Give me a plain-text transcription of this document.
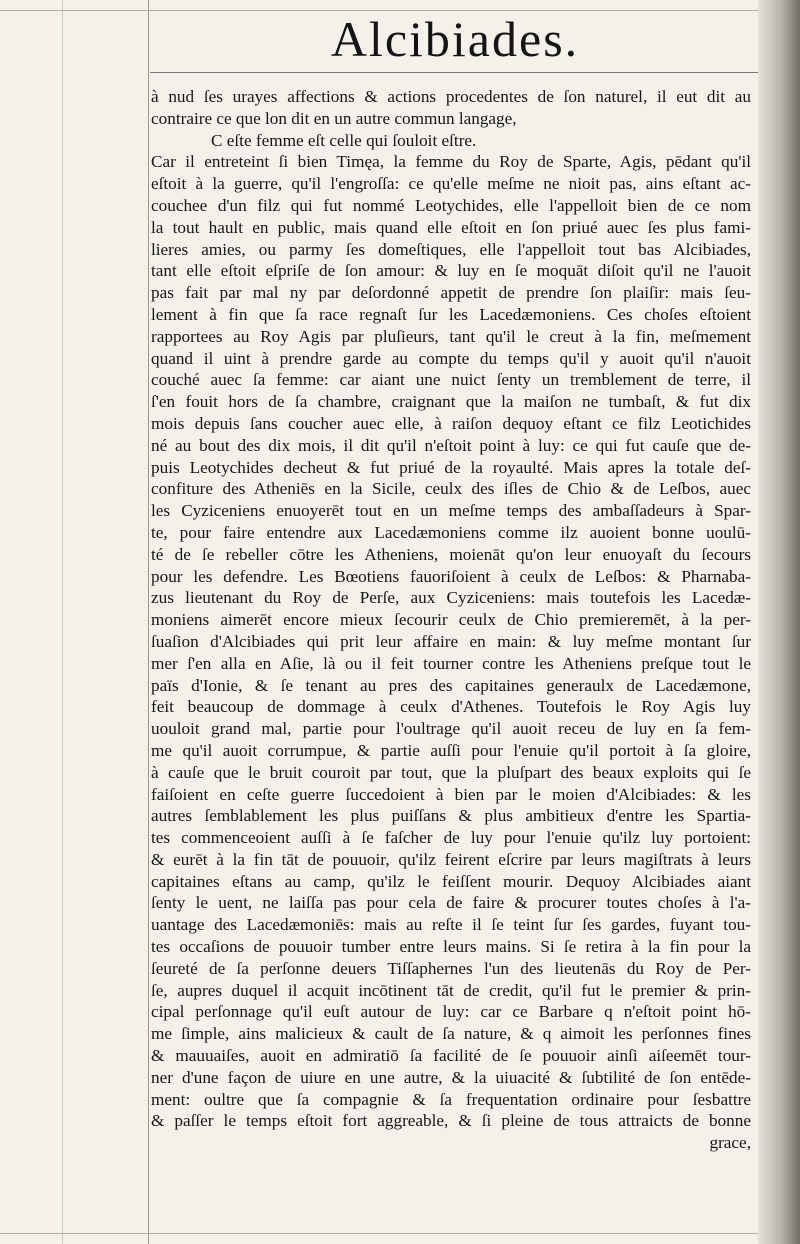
Alcibiades.
à nud ſes urayes affections & actions procedentes de ſon naturel, il eut dit au
contraire ce que lon dit en un autre commun langage,
C eſte femme eſt celle qui ſouloit eſtre.
Car il entreteint ſi bien Timęa, la femme du Roy de Sparte, Agis, pēdant qu'il
eſtoit à la guerre, qu'il l'engroſſa: ce qu'elle meſme ne nioit pas, ains eſtant ac-
couchee d'un filz qui fut nommé Leotychides, elle l'appelloit bien de ce nom
la tout hault en public, mais quand elle eſtoit en ſon priué auec ſes plus fami-
lieres amies, ou parmy ſes domeſtiques, elle l'appelloit tout bas Alcibiades,
tant elle eſtoit eſpriſe de ſon amour: & luy en ſe moquāt diſoit qu'il ne l'auoit
pas fait par mal ny par deſordonné appetit de prendre ſon plaiſir: mais ſeu-
lement à fin que ſa race regnaſt ſur les Lacedæmoniens. Ces choſes eſtoient
rapportees au Roy Agis par pluſieurs, tant qu'il le creut à la fin, meſmement
quand il uint à prendre garde au compte du temps qu'il y auoit qu'il n'auoit
couché auec ſa femme: car aiant une nuict ſenty un tremblement de terre, il
ſ'en fouit hors de ſa chambre, craignant que la maiſon ne tumbaſt, & fut dix
mois depuis ſans coucher auec elle, à raiſon dequoy eſtant ce filz Leotichides
né au bout des dix mois, il dit qu'il n'eſtoit point à luy: ce qui fut cauſe que de-
puis Leotychides decheut & fut priué de la royaulté. Mais apres la totale deſ-
confiture des Atheniēs en la Sicile, ceulx des iſles de Chio & de Leſbos, auec
les Cyziceniens enuoyerēt tout en un meſme temps des ambaſſadeurs à Spar-
te, pour faire entendre aux Lacedæmoniens comme ilz auoient bonne uoulū-
té de ſe rebeller cōtre les Atheniens, moienāt qu'on leur enuoyaſt du ſecours
pour les defendre. Les Bœotiens fauoriſoient à ceulx de Leſbos: & Pharnaba-
zus lieutenant du Roy de Perſe, aux Cyziceniens: mais toutefois les Lacedæ-
moniens aimerēt encore mieux ſecourir ceulx de Chio premieremēt, à la per-
ſuaſion d'Alcibiades qui prit leur affaire en main: & luy meſme montant ſur
mer ſ'en alla en Aſie, là ou il feit tourner contre les Atheniens preſque tout le
païs d'Ionie, & ſe tenant au pres des capitaines generaulx de Lacedæmone,
feit beaucoup de dommage à ceulx d'Athenes. Toutefois le Roy Agis luy
uouloit grand mal, partie pour l'oultrage qu'il auoit receu de luy en ſa fem-
me qu'il auoit corrumpue, & partie auſſi pour l'enuie qu'il portoit à ſa gloire,
à cauſe que le bruit couroit par tout, que la pluſpart des beaux exploits qui ſe
faiſoient en ceſte guerre ſuccedoient à bien par le moien d'Alcibiades: & les
autres ſemblablement les plus puiſſans & plus ambitieux d'entre les Spartia-
tes commenceoient auſſi à ſe faſcher de luy pour l'enuie qu'ilz luy portoient:
& eurēt à la fin tāt de pouuoir, qu'ilz feirent eſcrire par leurs magiſtrats à leurs
capitaines eſtans au camp, qu'ilz le feiſſent mourir. Dequoy Alcibiades aiant
ſenty le uent, ne laiſſa pas pour cela de faire & procurer toutes choſes à l'a-
uantage des Lacedæmoniēs: mais au reſte il ſe teint ſur ſes gardes, fuyant tou-
tes occaſions de pouuoir tumber entre leurs mains. Si ſe retira à la fin pour la
ſeureté de ſa perſonne deuers Tiſſaphernes l'un des lieutenās du Roy de Per-
ſe, aupres duquel il acquit incōtinent tāt de credit, qu'il fut le premier & prin-
cipal perſonnage qu'il euſt autour de luy: car ce Barbare q n'eſtoit point hō-
me ſimple, ains malicieux & cault de ſa nature, & q aimoit les perſonnes fines
& mauuaiſes, auoit en admiratiō ſa facilité de ſe pouuoir ainſi aiſeemēt tour-
ner d'une façon de uiure en une autre, & la uiuacité & ſubtilité de ſon entēde-
ment: oultre que ſa compagnie & ſa frequentation ordinaire pour ſesbattre
& paſſer le temps eſtoit fort aggreable, & ſi pleine de tous attraicts de bonne
grace,
